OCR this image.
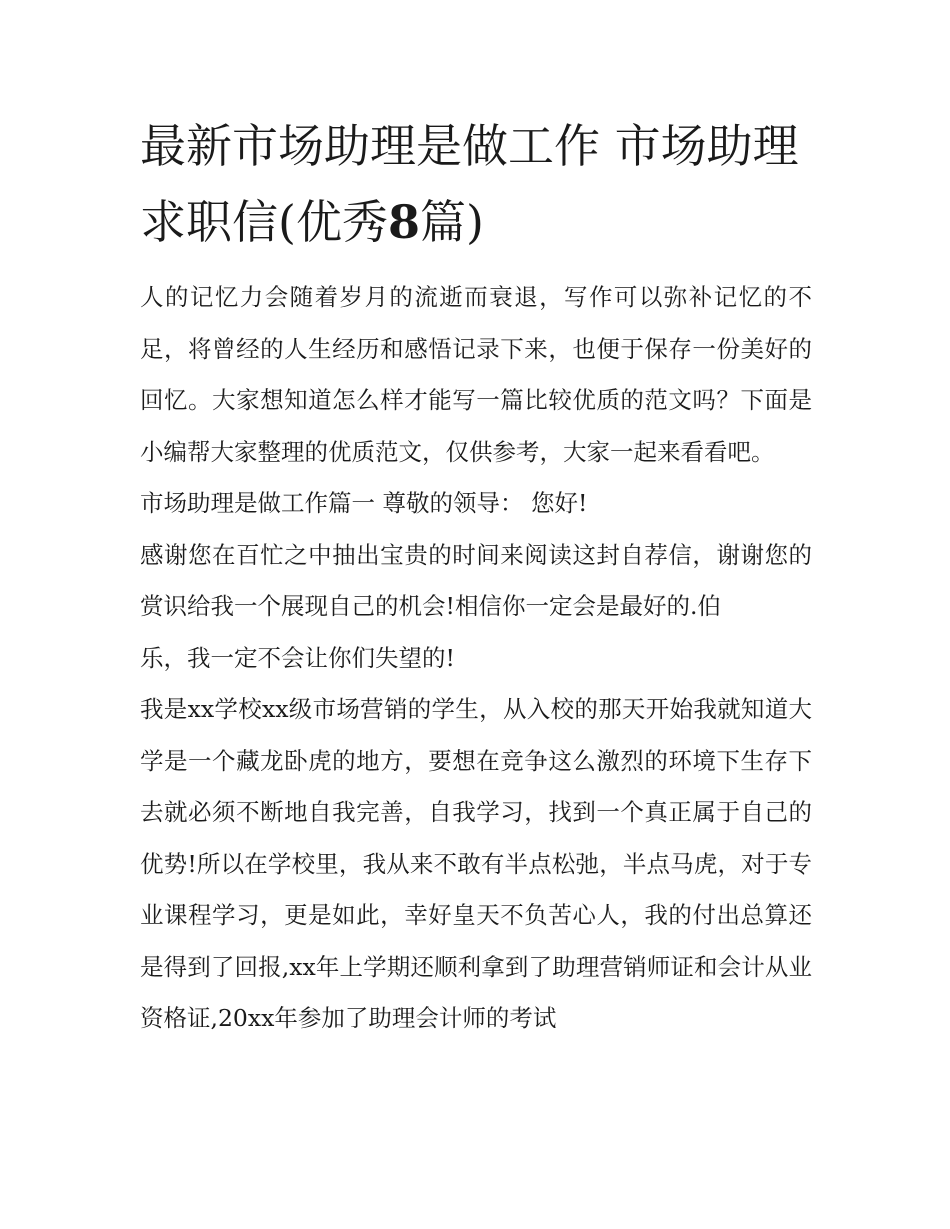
最新市场助理是做工作 市场助理求职信(优秀8篇)

人的记忆力会随着岁月的流逝而衰退，写作可以弥补记忆的不足，将曾经的人生经历和感悟记录下来，也便于保存一份美好的回忆。大家想知道怎么样才能写一篇比较优质的范文吗？下面是小编帮大家整理的优质范文，仅供参考，大家一起来看看吧。

市场助理是做工作篇一 尊敬的领导： 您好!

感谢您在百忙之中抽出宝贵的时间来阅读这封自荐信，谢谢您的赏识给我一个展现自己的机会!相信你一定会是最好的.伯

乐，我一定不会让你们失望的!

我是xx学校xx级市场营销的学生，从入校的那天开始我就知道大学是一个藏龙卧虎的地方，要想在竞争这么激烈的环境下生存下去就必须不断地自我完善，自我学习，找到一个真正属于自己的优势!所以在学校里，我从来不敢有半点松弛，半点马虎，对于专业课程学习，更是如此，幸好皇天不负苦心人，我的付出总算还是得到了回报,xx年上学期还顺利拿到了助理营销师证和会计从业资格证,20xx年参加了助理会计师的考试
